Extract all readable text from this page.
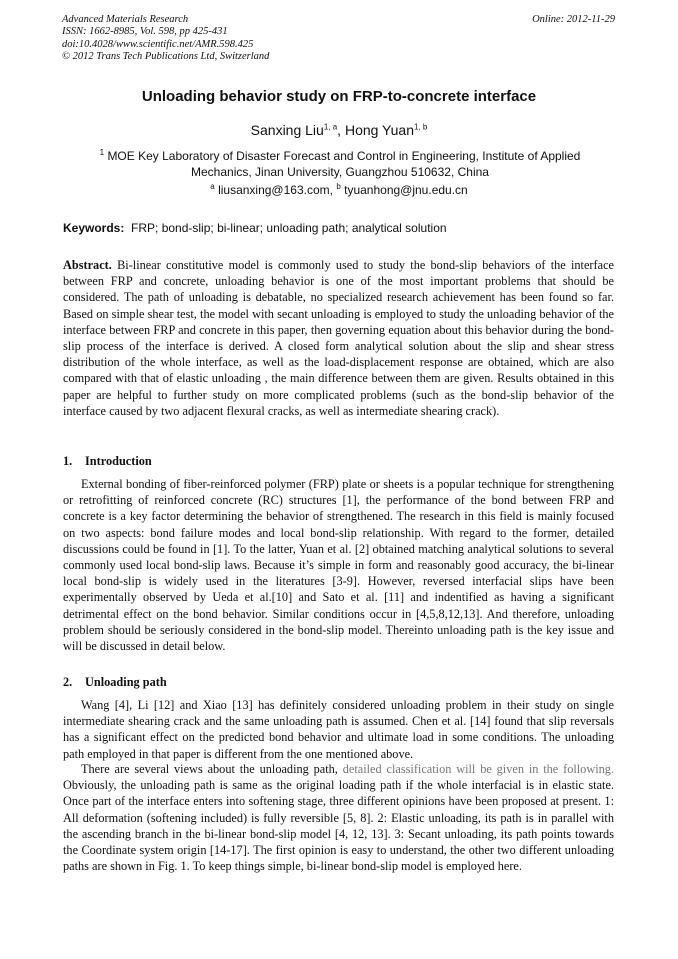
Advanced Materials Research
ISSN: 1662-8985, Vol. 598, pp 425-431
doi:10.4028/www.scientific.net/AMR.598.425
© 2012 Trans Tech Publications Ltd, Switzerland
Online: 2012-11-29
Unloading behavior study on FRP-to-concrete interface
Sanxing Liu$^{1, a}$, Hong Yuan$^{1, b}$
$^1$ MOE Key Laboratory of Disaster Forecast and Control in Engineering, Institute of Applied Mechanics, Jinan University, Guangzhou 510632, China
$^a$ liusanxing@163.com, $^b$ tyuanhong@jnu.edu.cn
Keywords: FRP; bond-slip; bi-linear; unloading path; analytical solution

Abstract. Bi-linear constitutive model is commonly used to study the bond-slip behaviors of the interface between FRP and concrete, unloading behavior is one of the most important problems that should be considered. The path of unloading is debatable, no specialized research achievement has been found so far. Based on simple shear test, the model with secant unloading is employed to study the unloading behavior of the interface between FRP and concrete in this paper, then governing equation about this behavior during the bond-slip process of the interface is derived. A closed form analytical solution about the slip and shear stress distribution of the whole interface, as well as the load-displacement response are obtained, which are also compared with that of elastic unloading , the main difference between them are given. Results obtained in this paper are helpful to further study on more complicated problems (such as the bond-slip behavior of the interface caused by two adjacent flexural cracks, as well as intermediate shearing crack).

1. Introduction

External bonding of fiber-reinforced polymer (FRP) plate or sheets is a popular technique for strengthening or retrofitting of reinforced concrete (RC) structures [1], the performance of the bond between FRP and concrete is a key factor determining the behavior of strengthened. The research in this field is mainly focused on two aspects: bond failure modes and local bond-slip relationship. With regard to the former, detailed discussions could be found in [1]. To the latter, Yuan et al. [2] obtained matching analytical solutions to several commonly used local bond-slip laws. Because it’s simple in form and reasonably good accuracy, the bi-linear local bond-slip is widely used in the literatures [3-9]. However, reversed interfacial slips have been experimentally observed by Ueda et al.[10] and Sato et al. [11] and indentified as having a significant detrimental effect on the bond behavior. Similar conditions occur in [4,5,8,12,13]. And therefore, unloading problem should be seriously considered in the bond-slip model. Thereinto unloading path is the key issue and will be discussed in detail below.

2. Unloading path

Wang [4], Li [12] and Xiao [13] has definitely considered unloading problem in their study on single intermediate shearing crack and the same unloading path is assumed. Chen et al. [14] found that slip reversals has a significant effect on the predicted bond behavior and ultimate load in some conditions. The unloading path employed in that paper is different from the one mentioned above.

There are several views about the unloading path, detailed classification will be given in the following. Obviously, the unloading path is same as the original loading path if the whole interfacial is in elastic state. Once part of the interface enters into softening stage, three different opinions have been proposed at present. 1: All deformation (softening included) is fully reversible [5, 8]. 2: Elastic unloading, its path is in parallel with the ascending branch in the bi-linear bond-slip model [4, 12, 13]. 3: Secant unloading, its path points towards the Coordinate system origin [14-17]. The first opinion is easy to understand, the other two different unloading paths are shown in Fig. 1. To keep things simple, bi-linear bond-slip model is employed here.
